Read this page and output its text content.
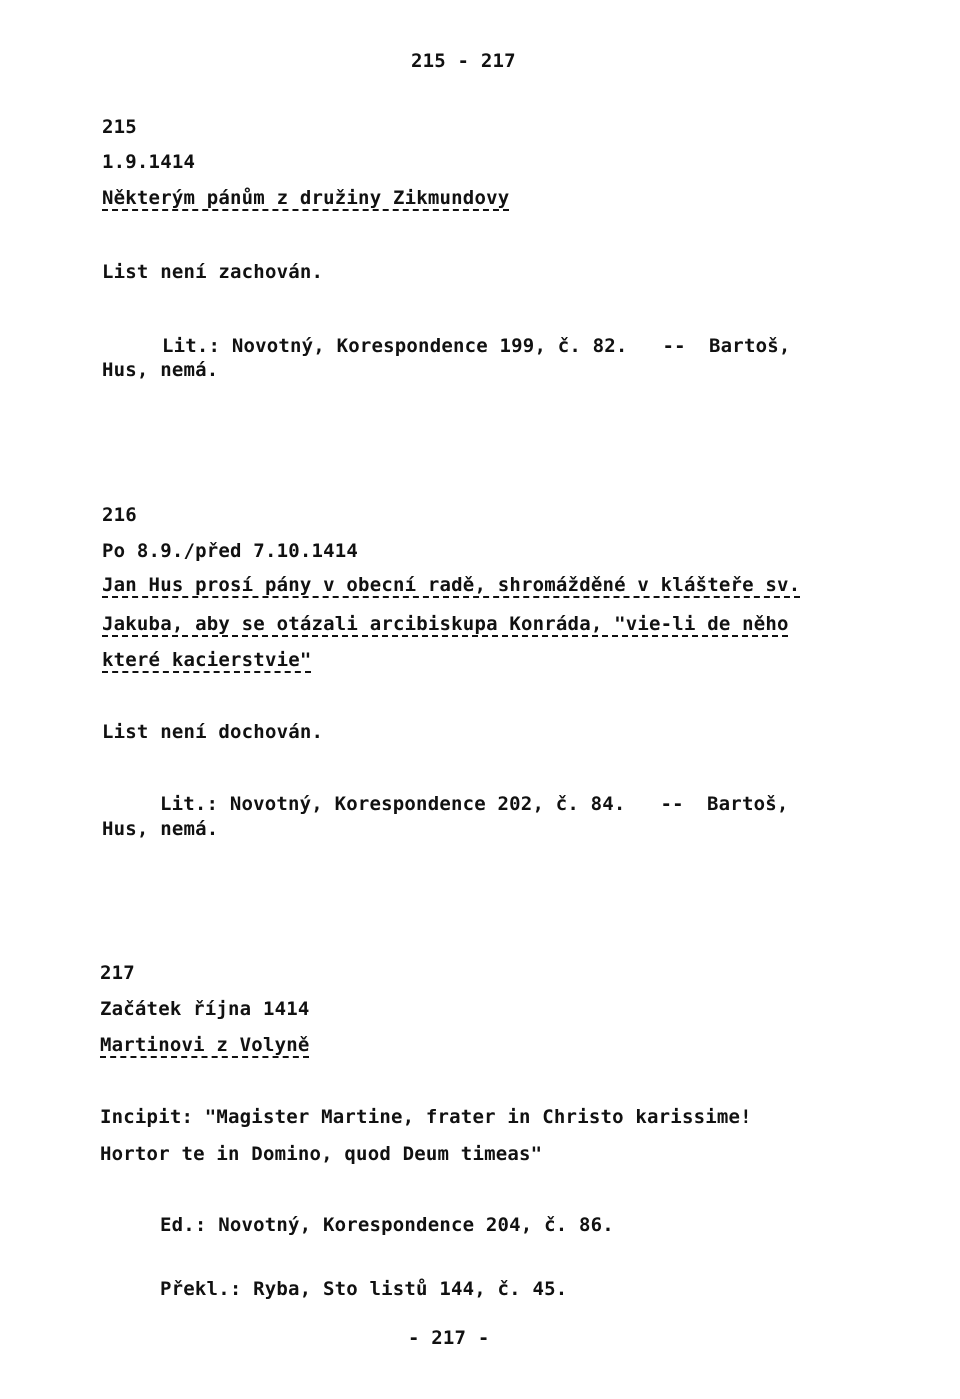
215 - 217
215
1.9.1414
Některým pánům z družiny Zikmundovy
List není zachován.
Lit.: Novotný, Korespondence 199, č. 82.   --  Bartoš,
Hus, nemá.
216
Po 8.9./před 7.10.1414
Jan Hus prosí pány v obecní radě, shromážděné v klášteře sv.
Jakuba, aby se otázali arcibiskupa Konráda, "vie-li de něho
které kacierstvie"
List není dochován.
Lit.: Novotný, Korespondence 202, č. 84.   --  Bartoš,
Hus, nemá.
217
Začátek října 1414
Martinovi z Volyně
Incipit: "Magister Martine, frater in Christo karissime!
Hortor te in Domino, quod Deum timeas"
Ed.: Novotný, Korespondence 204, č. 86.
Překl.: Ryba, Sto listů 144, č. 45.
- 217 -
